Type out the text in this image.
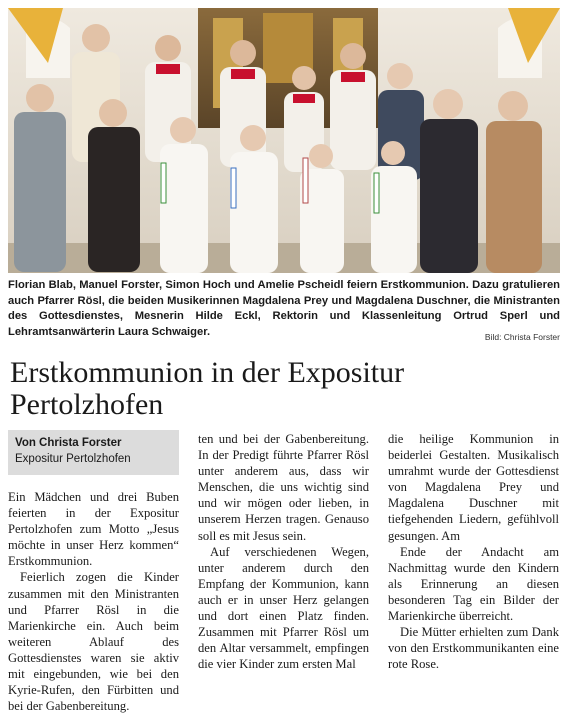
Florian Blab, Manuel Forster, Simon Hoch und Amelie Pscheidl feiern Erstkommunion. Dazu gratulieren auch Pfarrer Rösl, die beiden Musikerinnen Magdalena Prey und Magdalena Duschner, die Ministranten des Gottesdienstes, Mesnerin Hilde Eckl, Rektorin und Klassenleitung Ortrud Sperl und Lehramtsanwärterin Laura Schwaiger.	Bild: Christa Forster
Erstkommunion in der Expositur Pertolzhofen
Von Christa Forster
Expositur Pertolzhofen

Ein Mädchen und drei Buben feierten in der Expositur Pertolzhofen zum Motto „Jesus möchte in unser Herz kommen“ Erstkommunion.

Feierlich zogen die Kinder zusammen mit den Ministranten und Pfarrer Rösl in die Marienkirche ein. Auch beim weiteren Ablauf des Gottesdienstes waren sie aktiv mit eingebunden, wie bei den Kyrie-Rufen, den Fürbitten und bei der Gabenbereitung.

ten und bei der Gabenbereitung. In der Predigt führte Pfarrer Rösl unter anderem aus, dass wir Menschen, die uns wichtig sind und wir mögen oder lieben, in unserem Herzen tragen. Genauso soll es mit Jesus sein.

Auf verschiedenen Wegen, unter anderem durch den Empfang der Kommunion, kann auch er in unser Herz gelangen und dort einen Platz finden. Zusammen mit Pfarrer Rösl um den Altar versammelt, empfingen die vier Kinder zum ersten Mal

die heilige Kommunion in beiderlei Gestalten. Musikalisch umrahmt wurde der Gottesdienst von Magdalena Prey und Magdalena Duschner mit tiefgehenden Liedern, gefühlvoll gesungen. Am

Ende der Andacht am Nachmittag wurde den Kindern als Erinnerung an diesen besonderen Tag ein Bilder der Marienkirche überreicht.

Die Mütter erhielten zum Dank von den Erstkommunikanten eine rote Rose.
